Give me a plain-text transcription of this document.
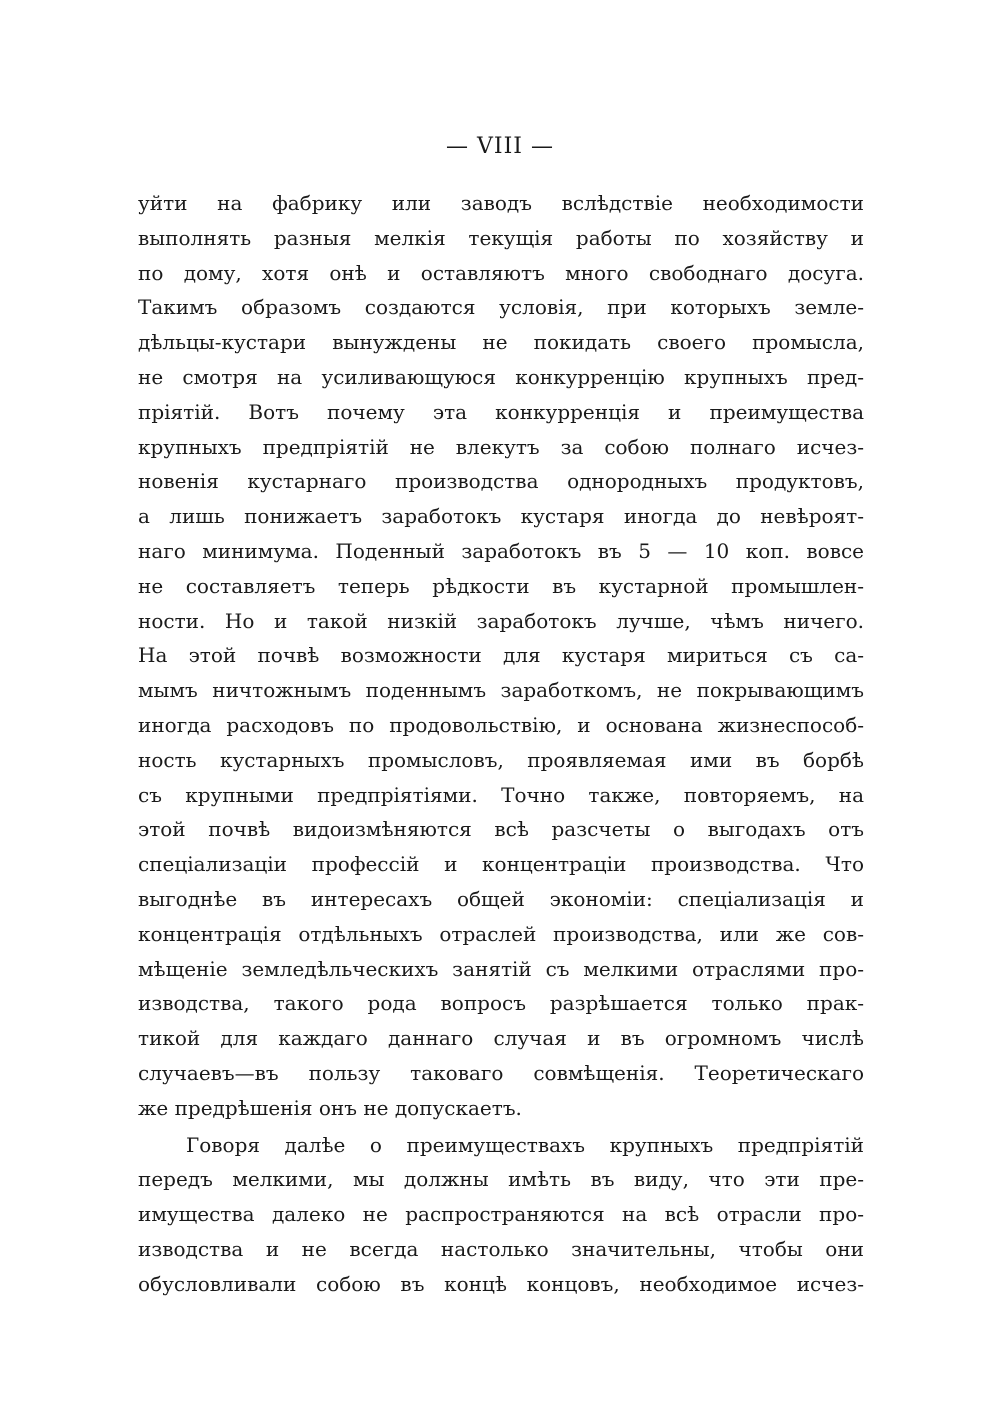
— VIII —
уйти на фабрику или заводъ вслѣдствіе необходимости
выполнять разныя мелкія текущія работы по хозяйству и
по дому, хотя онѣ и оставляютъ много свободнаго досуга.
Такимъ образомъ создаются условія, при которыхъ земле-
дѣльцы-кустари вынуждены не покидать своего промысла,
не смотря на усиливающуюся конкурренцію крупныхъ пред-
пріятій. Вотъ почему эта конкурренція и преимущества
крупныхъ предпріятій не влекутъ за собою полнаго исчез-
новенія кустарнаго производства однородныхъ продуктовъ,
а лишь понижаетъ заработокъ кустаря иногда до невѣроят-
наго минимума. Поденный заработокъ въ 5 — 10 коп. вовсе
не составляетъ теперь рѣдкости въ кустарной промышлен-
ности. Но и такой низкій заработокъ лучше, чѣмъ ничего.
На этой почвѣ возможности для кустаря мириться съ са-
мымъ ничтожнымъ поденнымъ заработкомъ, не покрывающимъ
иногда расходовъ по продовольствію, и основана жизнеспособ-
ность кустарныхъ промысловъ, проявляемая ими въ борбѣ
съ крупными предпріятіями. Точно также, повторяемъ, на
этой почвѣ видоизмѣняются всѣ разсчеты о выгодахъ отъ
спеціализаціи профессій и концентраціи производства. Что
выгоднѣе въ интересахъ общей экономіи: спеціализація и
концентрація отдѣльныхъ отраслей производства, или же сов-
мѣщеніе земледѣльческихъ занятій съ мелкими отраслями про-
изводства, такого рода вопросъ разрѣшается только прак-
тикой для каждаго даннаго случая и въ огромномъ числѣ
случаевъ—въ пользу таковаго совмѣщенія. Теоретическаго
же предрѣшенія онъ не допускаетъ.
Говоря далѣе о преимуществахъ крупныхъ предпріятій
передъ мелкими, мы должны имѣть въ виду, что эти пре-
имущества далеко не распространяются на всѣ отрасли про-
изводства и не всегда настолько значительны, чтобы они
обусловливали собою въ концѣ концовъ, необходимое исчез-
